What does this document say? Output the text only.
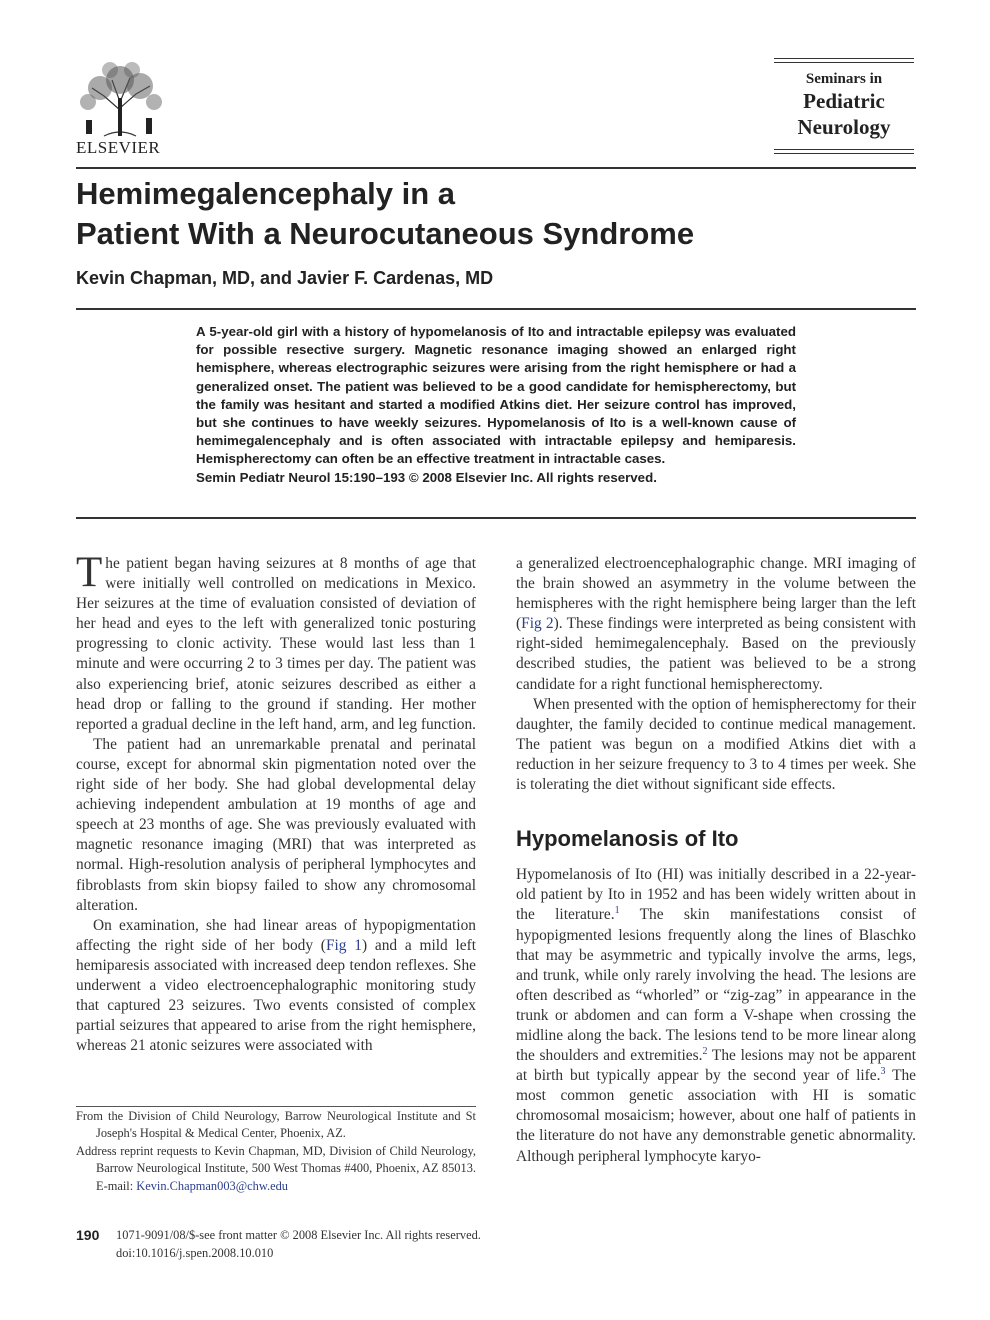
ELSEVIER
Seminars in
Pediatric
Neurology
Hemimegalencephaly in a
Patient With a Neurocutaneous Syndrome
Kevin Chapman, MD, and Javier F. Cardenas, MD

A 5-year-old girl with a history of hypomelanosis of Ito and intractable epilepsy was evaluated for possible resective surgery. Magnetic resonance imaging showed an enlarged right hemisphere, whereas electrographic seizures were arising from the right hemisphere or had a generalized onset. The patient was believed to be a good candidate for hemispherectomy, but the family was hesitant and started a modified Atkins diet. Her seizure control has improved, but she continues to have weekly seizures. Hypomelanosis of Ito is a well-known cause of hemimegalencephaly and is often associated with intractable epilepsy and hemiparesis. Hemispherectomy can often be an effective treatment in intractable cases.

Semin Pediatr Neurol 15:190–193 © 2008 Elsevier Inc. All rights reserved.

The patient began having seizures at 8 months of age that were initially well controlled on medications in Mexico. Her seizures at the time of evaluation consisted of deviation of her head and eyes to the left with generalized tonic posturing progressing to clonic activity. These would last less than 1 minute and were occurring 2 to 3 times per day. The patient was also experiencing brief, atonic seizures described as either a head drop or falling to the ground if standing. Her mother reported a gradual decline in the left hand, arm, and leg function.

The patient had an unremarkable prenatal and perinatal course, except for abnormal skin pigmentation noted over the right side of her body. She had global developmental delay achieving independent ambulation at 19 months of age and speech at 23 months of age. She was previously evaluated with magnetic resonance imaging (MRI) that was interpreted as normal. High-resolution analysis of peripheral lymphocytes and fibroblasts from skin biopsy failed to show any chromosomal alteration.

On examination, she had linear areas of hypopigmentation affecting the right side of her body (Fig 1) and a mild left hemiparesis associated with increased deep tendon reflexes. She underwent a video electroencephalographic monitoring study that captured 23 seizures. Two events consisted of complex partial seizures that appeared to arise from the right hemisphere, whereas 21 atonic seizures were associated with

a generalized electroencephalographic change. MRI imaging of the brain showed an asymmetry in the volume between the hemispheres with the right hemisphere being larger than the left (Fig 2). These findings were interpreted as being consistent with right-sided hemimegalencephaly. Based on the previously described studies, the patient was believed to be a strong candidate for a right functional hemispherectomy.

When presented with the option of hemispherectomy for their daughter, the family decided to continue medical management. The patient was begun on a modified Atkins diet with a reduction in her seizure frequency to 3 to 4 times per week. She is tolerating the diet without significant side effects.

Hypomelanosis of Ito

Hypomelanosis of Ito (HI) was initially described in a 22-year-old patient by Ito in 1952 and has been widely written about in the literature.$^1$ The skin manifestations consist of hypopigmented lesions frequently along the lines of Blaschko that may be asymmetric and typically involve the arms, legs, and trunk, while only rarely involving the head. The lesions are often described as “whorled” or “zig-zag” in appearance in the trunk or abdomen and can form a V-shape when crossing the midline along the back. The lesions tend to be more linear along the shoulders and extremities.$^2$ The lesions may not be apparent at birth but typically appear by the second year of life.$^3$ The most common genetic association with HI is somatic chromosomal mosaicism; however, about one half of patients in the literature do not have any demonstrable genetic abnormality. Although peripheral lymphocyte karyo-

From the Division of Child Neurology, Barrow Neurological Institute and St Joseph's Hospital & Medical Center, Phoenix, AZ.

Address reprint requests to Kevin Chapman, MD, Division of Child Neurology, Barrow Neurological Institute, 500 West Thomas #400, Phoenix, AZ 85013. E-mail: Kevin.Chapman003@chw.edu

190 1071-9091/08/$-see front matter © 2008 Elsevier Inc. All rights reserved.
doi:10.1016/j.spen.2008.10.010
